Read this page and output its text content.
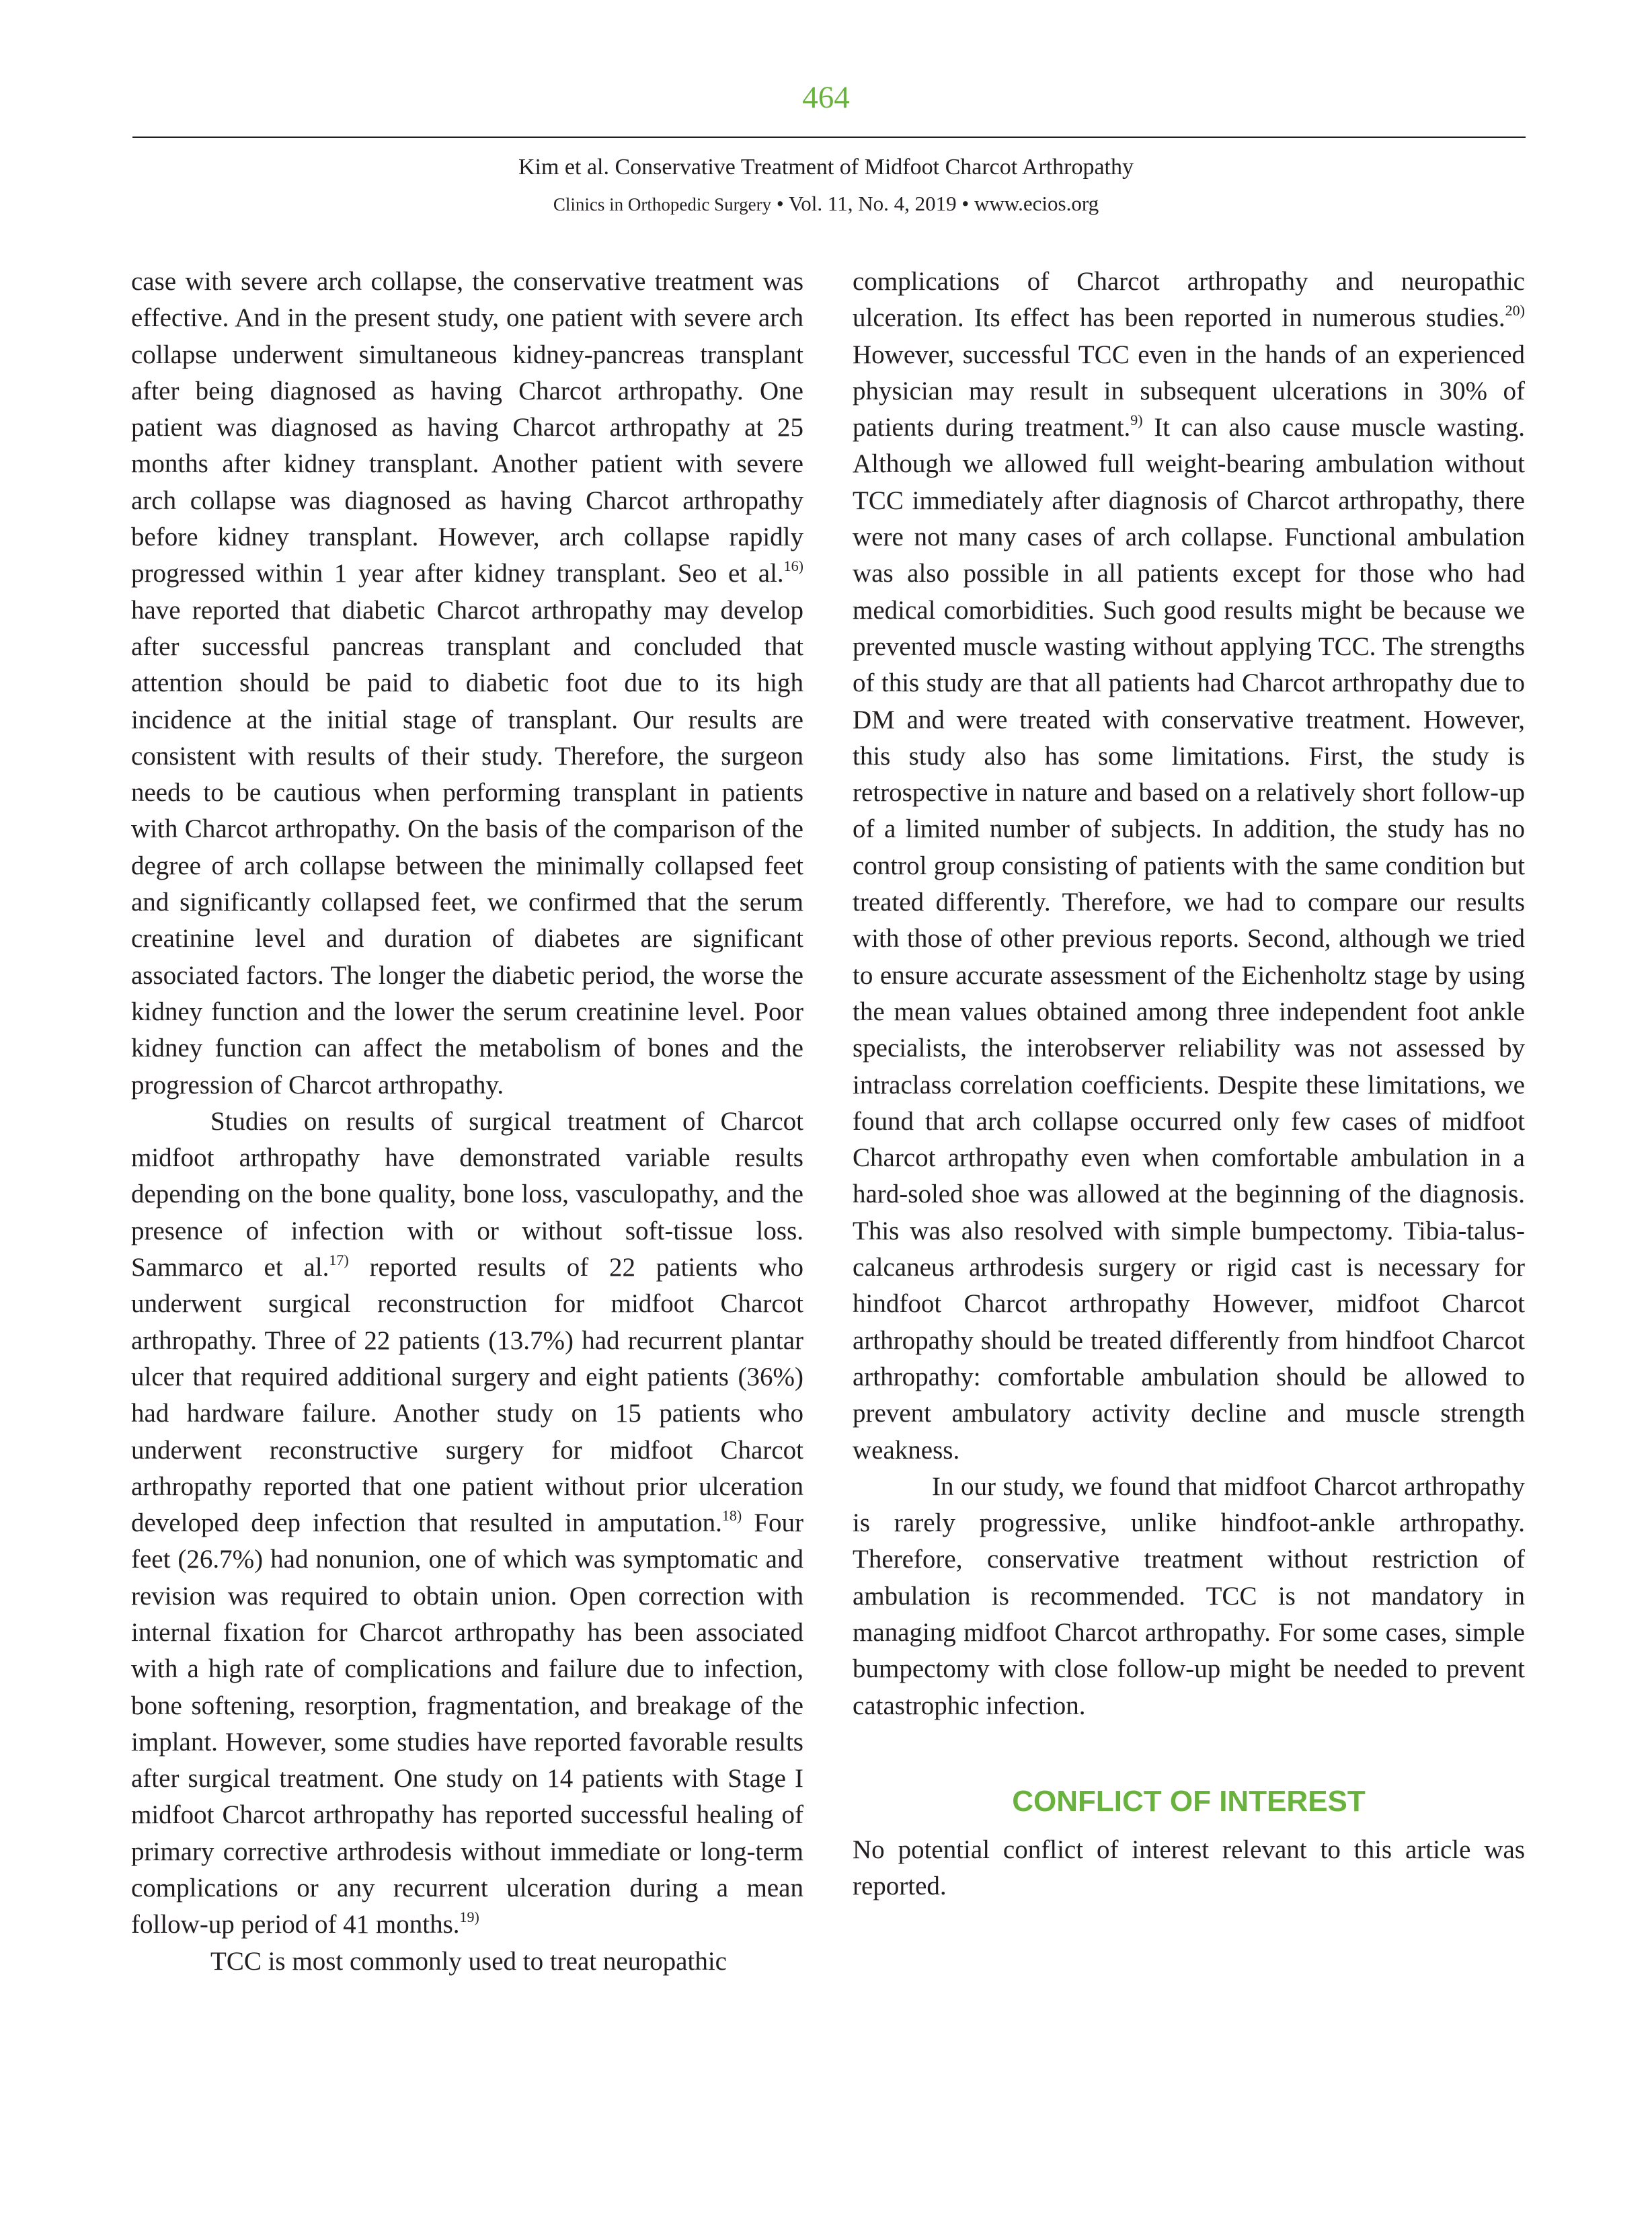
464
Kim et al. Conservative Treatment of Midfoot Charcot Arthropathy
Clinics in Orthopedic Surgery • Vol. 11, No. 4, 2019 • www.ecios.org

case with severe arch collapse, the conservative treatment was effective. And in the present study, one patient with severe arch collapse underwent simultaneous kidney-pancreas transplant after being diagnosed as having Charcot arthropathy. One patient was diagnosed as having Charcot arthropathy at 25 months after kidney transplant. Another patient with severe arch collapse was diagnosed as having Charcot arthropathy before kidney transplant. However, arch collapse rapidly progressed within 1 year after kidney transplant. Seo et al.$^{16)}$ have reported that diabetic Charcot arthropathy may develop after successful pancreas transplant and concluded that attention should be paid to diabetic foot due to its high incidence at the initial stage of transplant. Our results are consistent with results of their study. Therefore, the surgeon needs to be cautious when performing transplant in patients with Charcot arthropathy. On the basis of the comparison of the degree of arch collapse between the minimally collapsed feet and significantly collapsed feet, we confirmed that the serum creatinine level and duration of diabetes are significant associated factors. The longer the diabetic period, the worse the kidney function and the lower the serum creatinine level. Poor kidney function can affect the metabolism of bones and the progression of Charcot arthropathy.

Studies on results of surgical treatment of Charcot midfoot arthropathy have demonstrated variable results depending on the bone quality, bone loss, vasculopathy, and the presence of infection with or without soft-tissue loss. Sammarco et al.$^{17)}$ reported results of 22 patients who underwent surgical reconstruction for midfoot Charcot arthropathy. Three of 22 patients (13.7%) had recurrent plantar ulcer that required additional surgery and eight patients (36%) had hardware failure. Another study on 15 patients who underwent reconstructive surgery for midfoot Charcot arthropathy reported that one patient without prior ulceration developed deep infection that resulted in amputation.$^{18)}$ Four feet (26.7%) had nonunion, one of which was symptomatic and revision was required to obtain union. Open correction with internal fixation for Charcot arthropathy has been associated with a high rate of complications and failure due to infection, bone softening, resorption, fragmentation, and breakage of the implant. However, some studies have reported favorable results after surgical treatment. One study on 14 patients with Stage I midfoot Charcot arthropathy has reported successful healing of primary corrective arthrodesis without immediate or long-term complications or any recurrent ulceration during a mean follow-up period of 41 months.$^{19)}$

TCC is most commonly used to treat neuropathic

complications of Charcot arthropathy and neuropathic ulceration. Its effect has been reported in numerous studies.$^{20)}$ However, successful TCC even in the hands of an experienced physician may result in subsequent ulcerations in 30% of patients during treatment.$^{9)}$ It can also cause muscle wasting. Although we allowed full weight-bearing ambulation without TCC immediately after diagnosis of Charcot arthropathy, there were not many cases of arch collapse. Functional ambulation was also possible in all patients except for those who had medical comorbidities. Such good results might be because we prevented muscle wasting without applying TCC. The strengths of this study are that all patients had Charcot arthropathy due to DM and were treated with conservative treatment. However, this study also has some limitations. First, the study is retrospective in nature and based on a relatively short follow-up of a limited number of subjects. In addition, the study has no control group consisting of patients with the same condition but treated differently. Therefore, we had to compare our results with those of other previous reports. Second, although we tried to ensure accurate assessment of the Eichenholtz stage by using the mean values obtained among three independent foot ankle specialists, the interobserver reliability was not assessed by intraclass correlation coefficients. Despite these limitations, we found that arch collapse occurred only few cases of midfoot Charcot arthropathy even when comfortable ambulation in a hard-soled shoe was allowed at the beginning of the diagnosis. This was also resolved with simple bumpectomy. Tibia-talus-calcaneus arthrodesis surgery or rigid cast is necessary for hindfoot Charcot arthropathy However, midfoot Charcot arthropathy should be treated differently from hindfoot Charcot arthropathy: comfortable ambulation should be allowed to prevent ambulatory activity decline and muscle strength weakness.

In our study, we found that midfoot Charcot arthropathy is rarely progressive, unlike hindfoot-ankle arthropathy. Therefore, conservative treatment without restriction of ambulation is recommended. TCC is not mandatory in managing midfoot Charcot arthropathy. For some cases, simple bumpectomy with close follow-up might be needed to prevent catastrophic infection.

CONFLICT OF INTEREST

No potential conflict of interest relevant to this article was reported.
